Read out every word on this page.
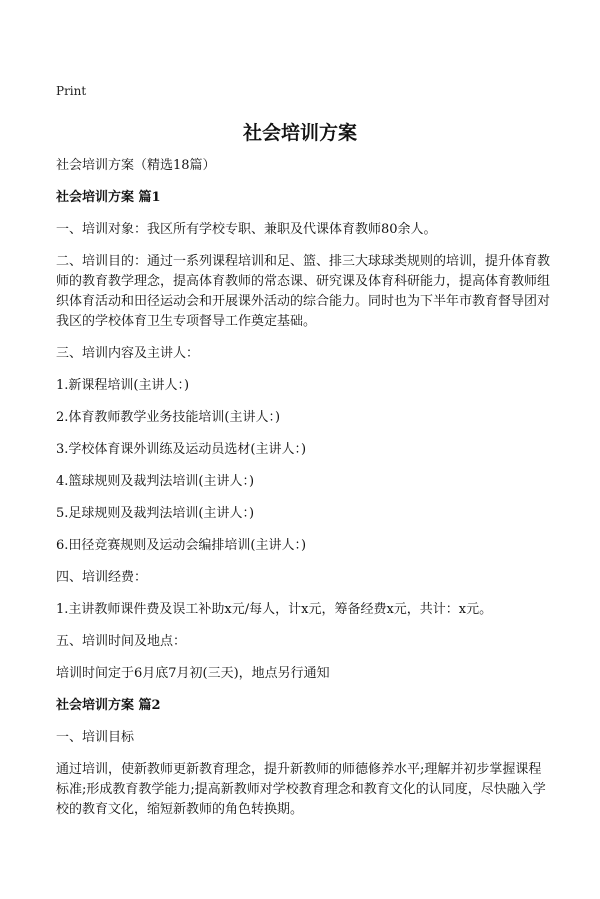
Print
社会培训方案

社会培训方案（精选18篇）

社会培训方案 篇1

一、培训对象：我区所有学校专职、兼职及代课体育教师80余人。

二、培训目的：通过一系列课程培训和足、篮、排三大球球类规则的培训，提升体育教师的教育教学理念，提高体育教师的常态课、研究课及体育科研能力，提高体育教师组织体育活动和田径运动会和开展课外活动的综合能力。同时也为下半年市教育督导团对我区的学校体育卫生专项督导工作奠定基础。

三、培训内容及主讲人：

1.新课程培训(主讲人：)

2.体育教师教学业务技能培训(主讲人：)

3.学校体育课外训练及运动员选材(主讲人：)

4.篮球规则及裁判法培训(主讲人：)

5.足球规则及裁判法培训(主讲人：)

6.田径竞赛规则及运动会编排培训(主讲人：)

四、培训经费：

1.主讲教师课件费及误工补助x元/每人，计x元，筹备经费x元，共计：x元。

五、培训时间及地点：

培训时间定于6月底7月初(三天)，地点另行通知

社会培训方案 篇2

一、培训目标

通过培训，使新教师更新教育理念，提升新教师的师德修养水平;理解并初步掌握课程标准;形成教育教学能力;提高新教师对学校教育理念和教育文化的认同度，尽快融入学校的教育文化，缩短新教师的角色转换期。
